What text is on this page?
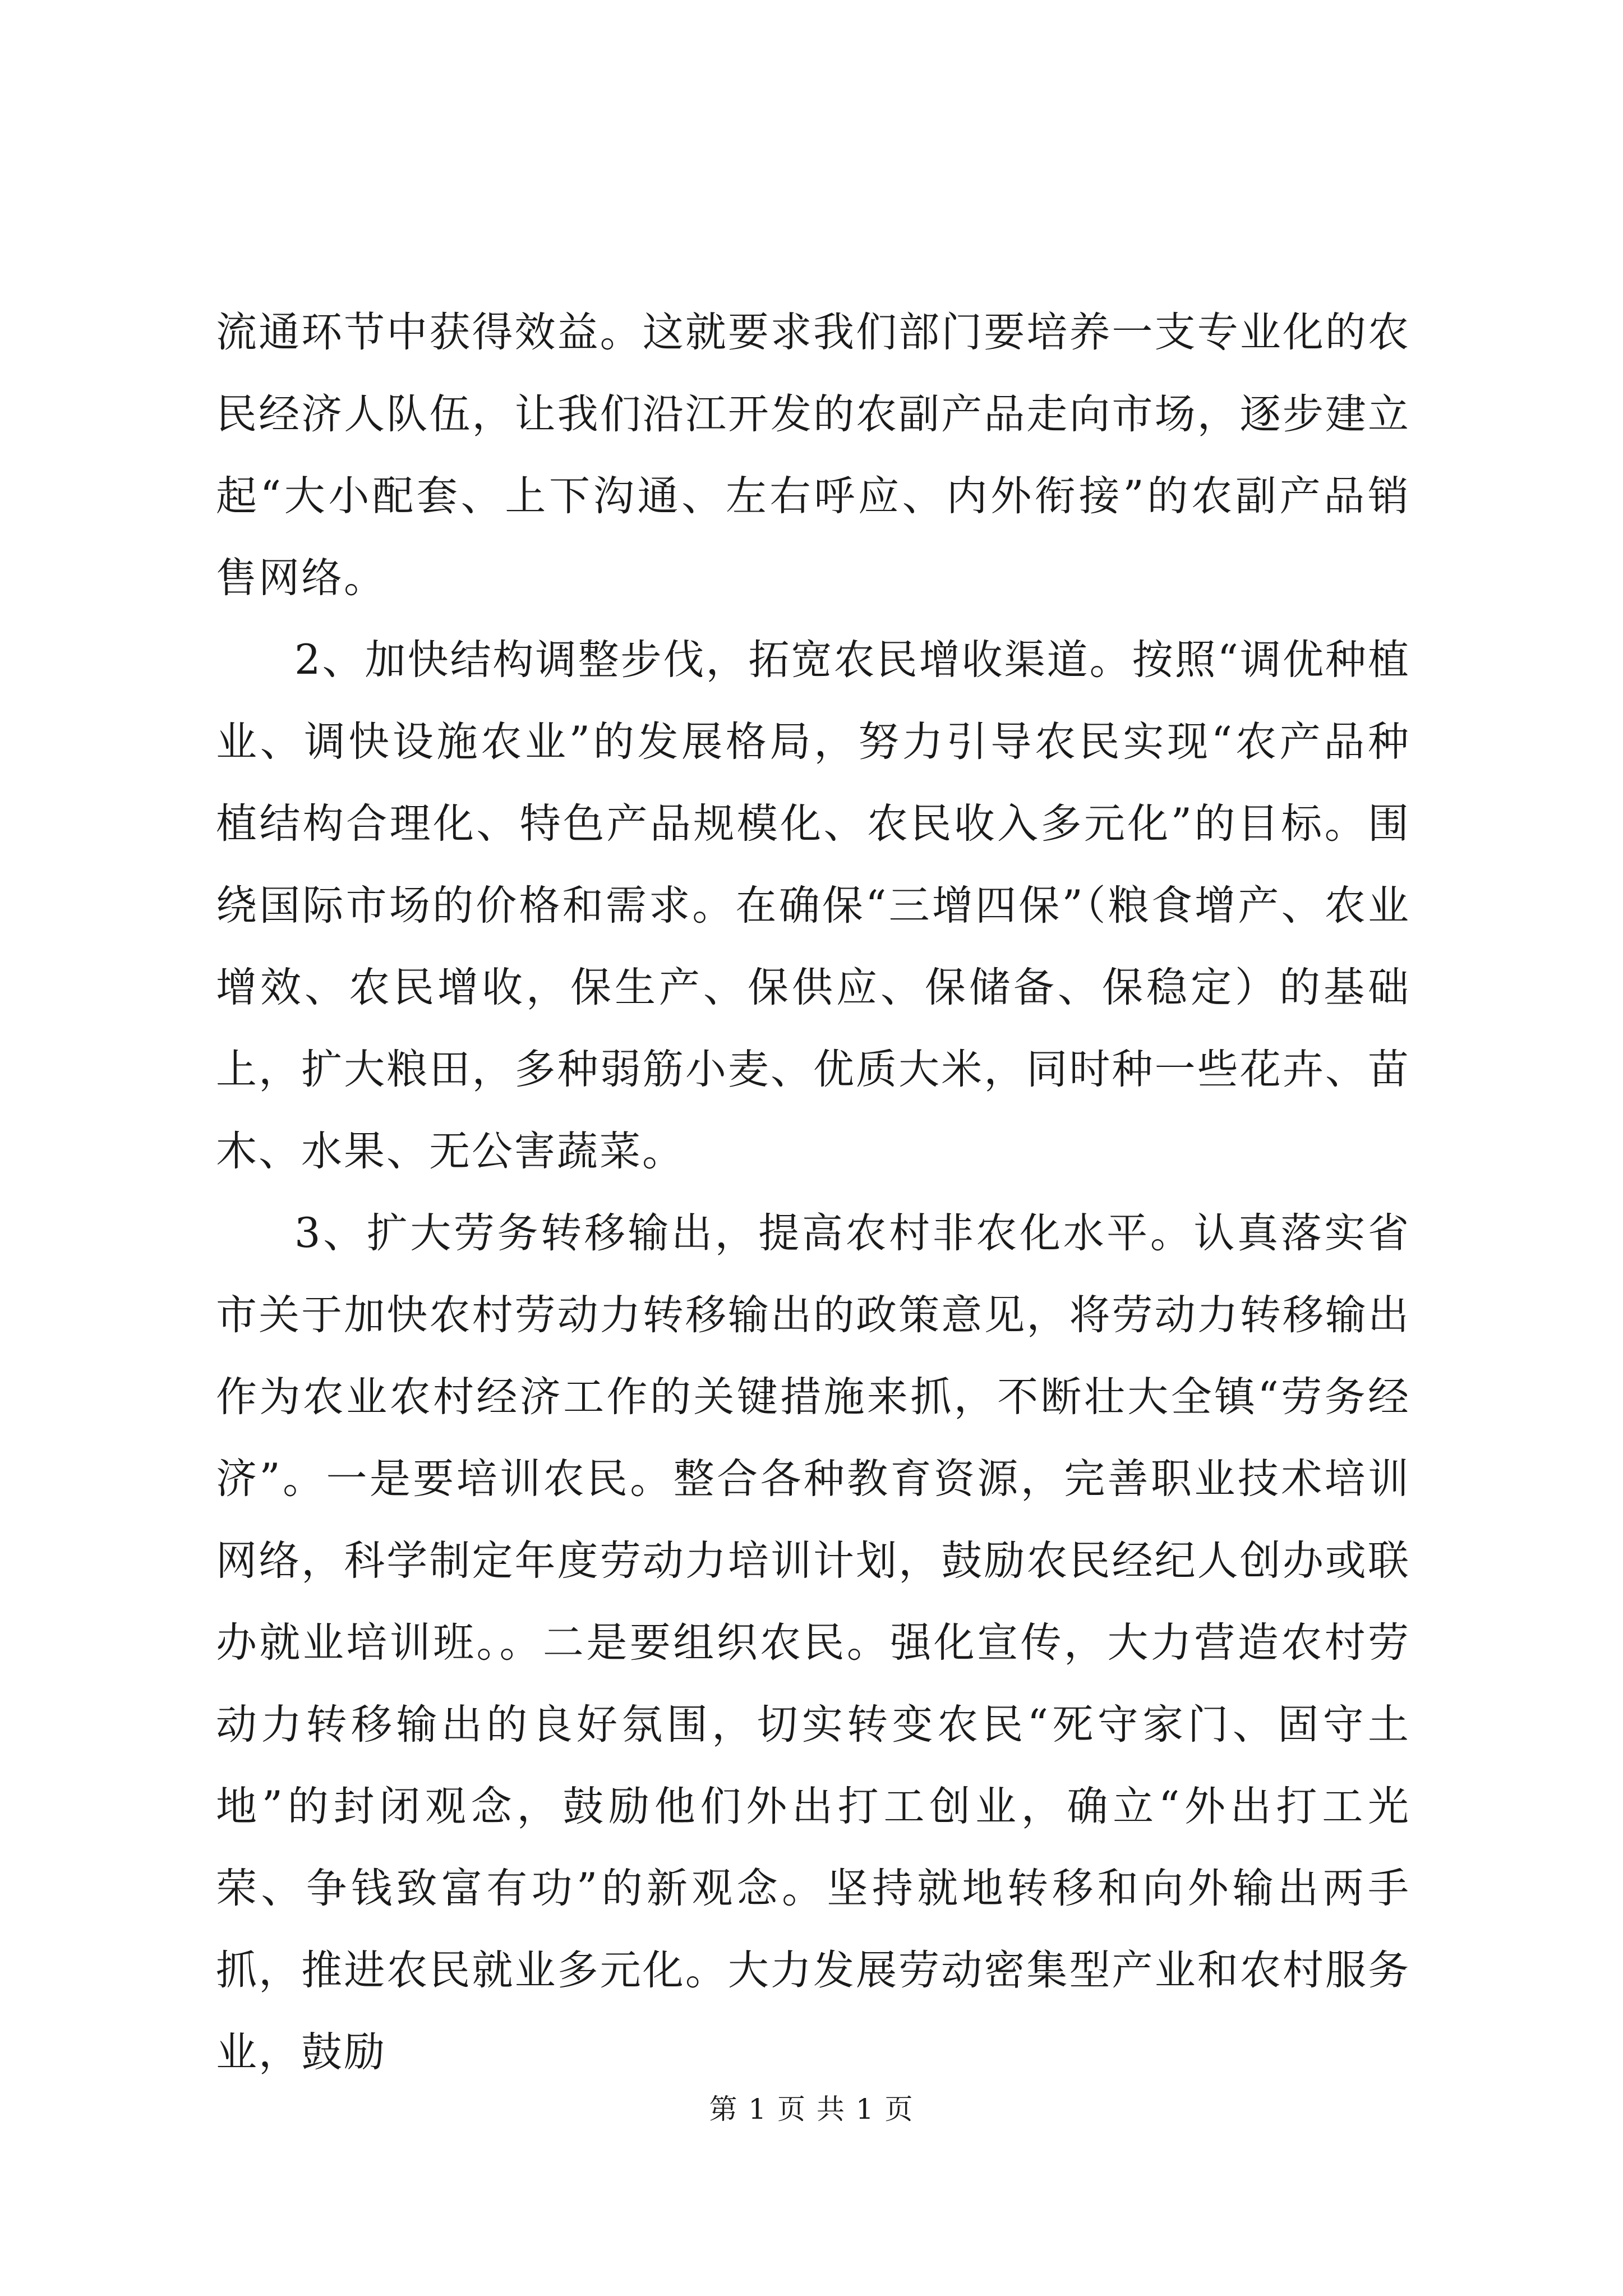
流通环节中获得效益。这就要求我们部门要培养一支专业化的农民经济人队伍，让我们沿江开发的农副产品走向市场，逐步建立起“大小配套、上下沟通、左右呼应、内外衔接”的农副产品销售网络。

2、加快结构调整步伐，拓宽农民增收渠道。按照“调优种植业、调快设施农业”的发展格局，努力引导农民实现“农产品种植结构合理化、特色产品规模化、农民收入多元化”的目标。围绕国际市场的价格和需求。在确保“三增四保”（粮食增产、农业增效、农民增收，保生产、保供应、保储备、保稳定）的基础上，扩大粮田，多种弱筋小麦、优质大米，同时种一些花卉、苗木、水果、无公害蔬菜。

3、扩大劳务转移输出，提高农村非农化水平。认真落实省市关于加快农村劳动力转移输出的政策意见，将劳动力转移输出作为农业农村经济工作的关键措施来抓，不断壮大全镇“劳务经济”。一是要培训农民。整合各种教育资源，完善职业技术培训网络，科学制定年度劳动力培训计划，鼓励农民经纪人创办或联办就业培训班。。二是要组织农民。强化宣传，大力营造农村劳动力转移输出的良好氛围，切实转变农民“死守家门、固守土地”的封闭观念，鼓励他们外出打工创业，确立“外出打工光荣、争钱致富有功”的新观念。坚持就地转移和向外输出两手抓，推进农民就业多元化。大力发展劳动密集型产业和农村服务业，鼓励

第 1 页 共 1 页
